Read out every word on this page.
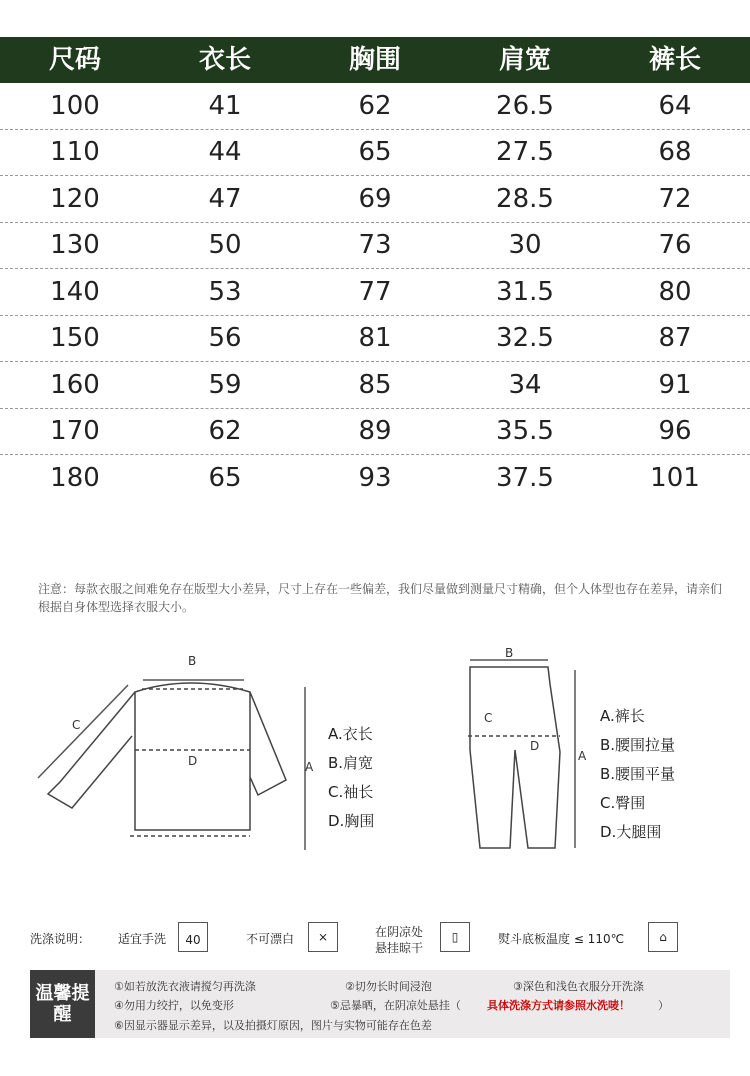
尺码	衣长	胸围	肩宽	裤长
100	41	62	26.5	64
110	44	65	27.5	68
120	47	69	28.5	72
130	50	73	30	76
140	53	77	31.5	80
150	56	81	32.5	87
160	59	85	34	91
170	62	89	35.5	96
180	65	93	37.5	101
注意：每款衣服之间难免存在版型大小差异，尺寸上存在一些偏差，我们尽量做到测量尺寸精确，但个人体型也存在差异，请亲们根据自身体型选择衣服大小。
B
C
D	A
A.衣长
B.肩宽
C.袖长
D.胸围
B
C
D
A
A.裤长
B.腰围拉量
B.腰围平量
C.臀围
D.大腿围
洗涤说明： 适宜手洗 40	不可漂白	⨯	在阴凉处
悬挂晾干
▯	熨斗底板温度 ≤ 110℃	⌂
温馨提醒
①如若放洗衣液请搅匀再洗涤	②切勿长时间浸泡	③深色和浅色衣服分开洗涤
④勿用力绞拧，以免变形	⑤忌暴晒，在阴凉处悬挂（ 具体洗涤方式请参照水洗唛！	）
⑥因显示器显示差异，以及拍摄灯原因，图片与实物可能存在色差
